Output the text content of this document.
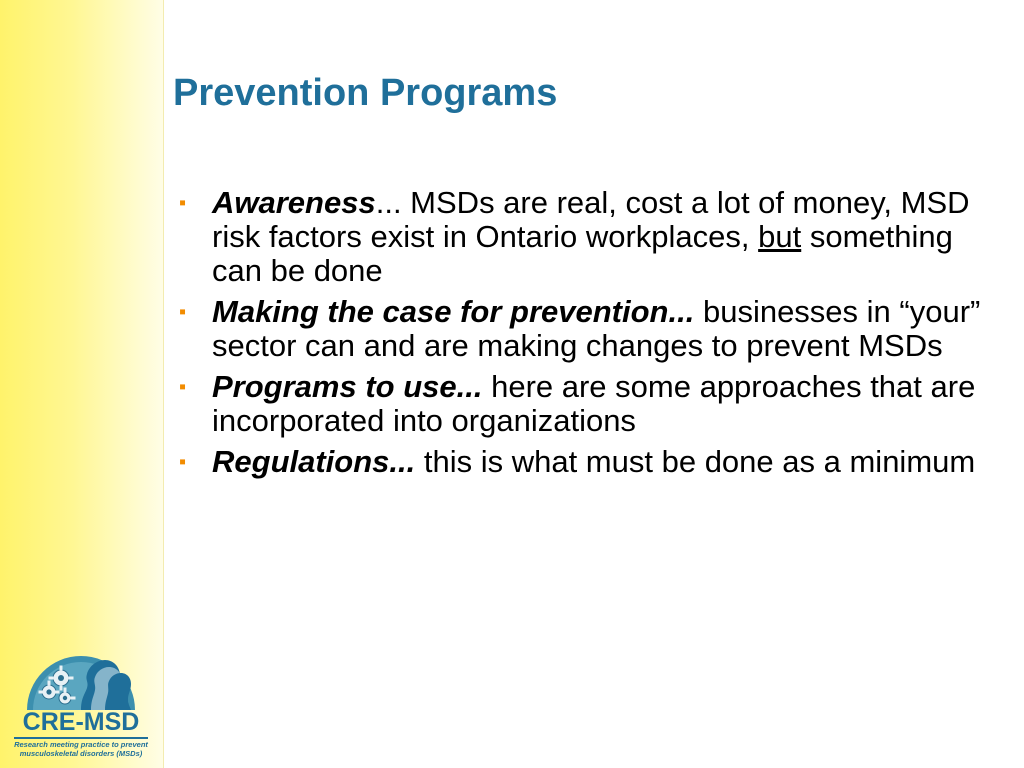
Prevention Programs
▪ Awareness... MSDs are real, cost a lot of money, MSD risk factors exist in Ontario workplaces, but something can be done
▪ Making the case for prevention... businesses in “your” sector can and are making changes to prevent MSDs
▪ Programs to use... here are some approaches that are incorporated into organizations
▪ Regulations... this is what must be done as a minimum
CRE-MSD
Research meeting practice to prevent musculoskeletal disorders (MSDs)
